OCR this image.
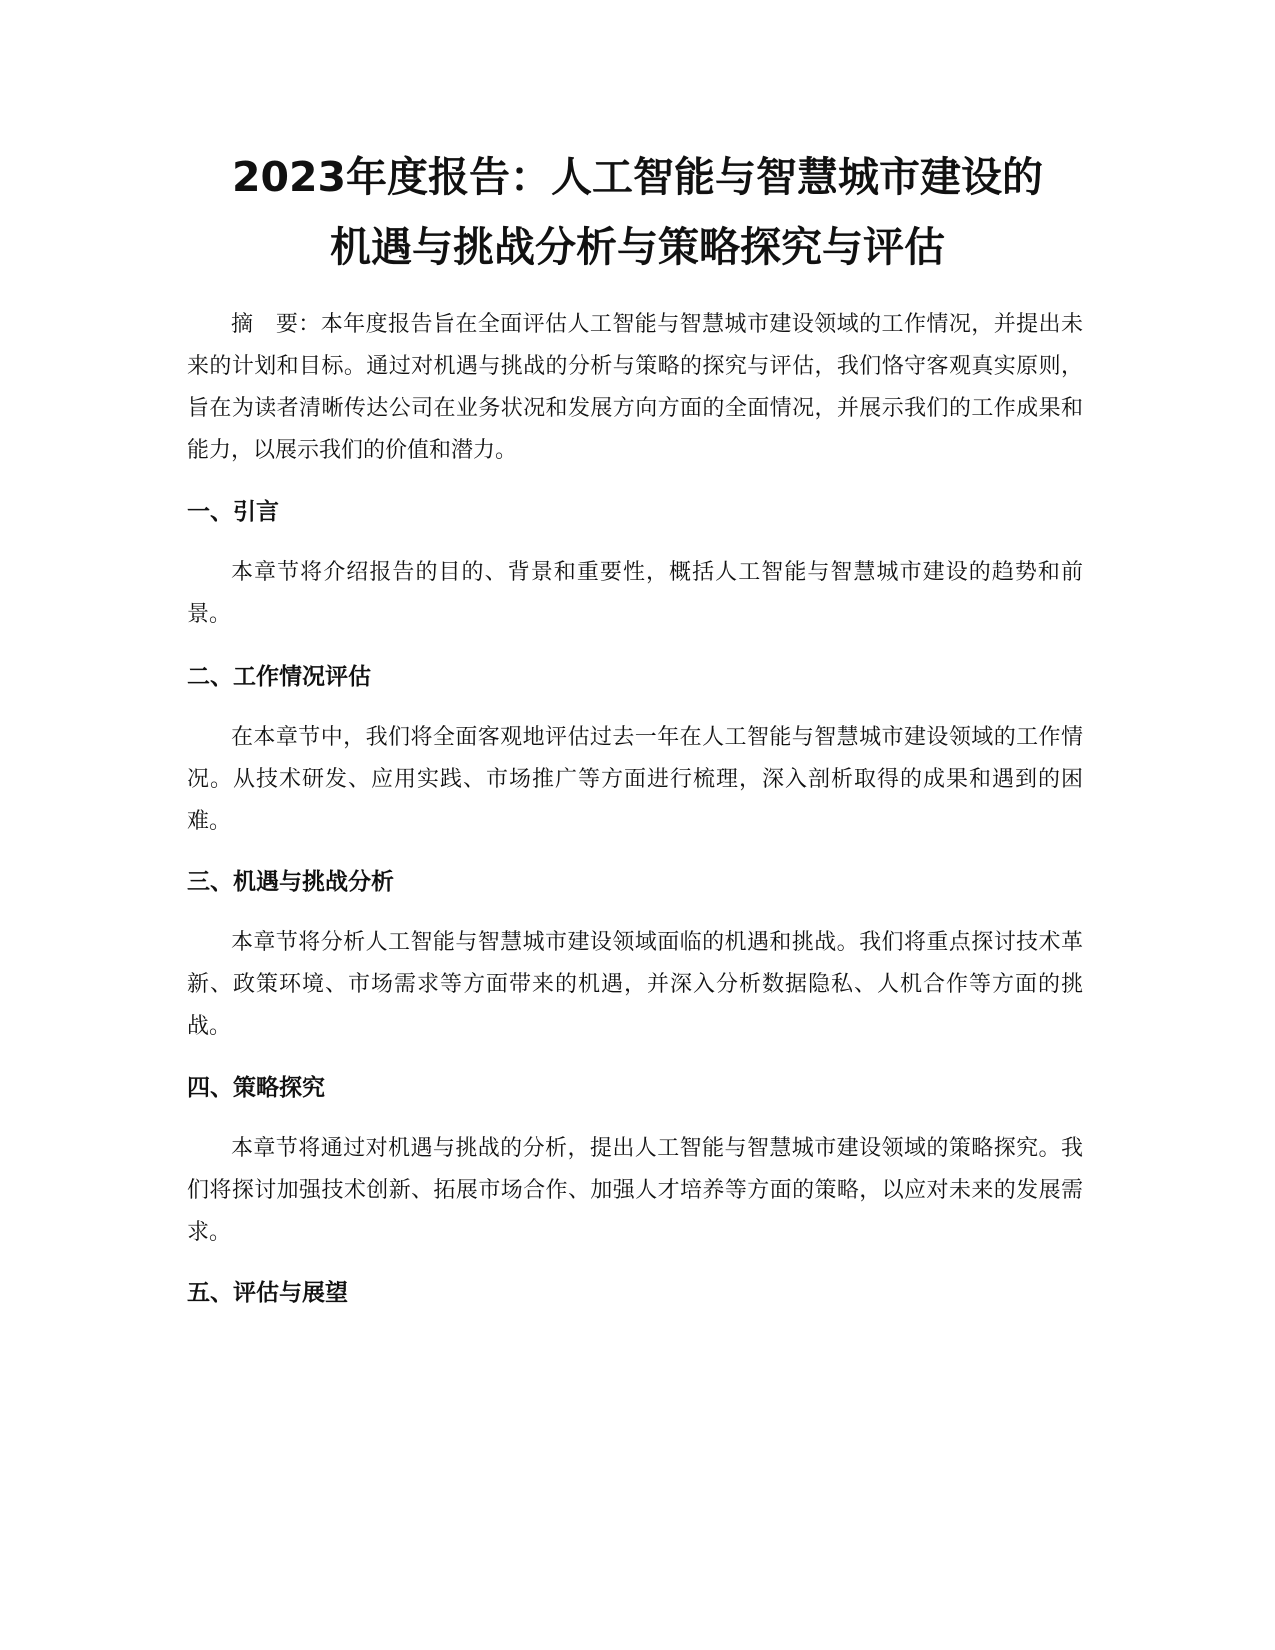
2023年度报告：人工智能与智慧城市建设的
机遇与挑战分析与策略探究与评估

摘　要：本年度报告旨在全面评估人工智能与智慧城市建设领域的工作情况，并提出未来的计划和目标。通过对机遇与挑战的分析与策略的探究与评估，我们恪守客观真实原则，旨在为读者清晰传达公司在业务状况和发展方向方面的全面情况，并展示我们的工作成果和能力，以展示我们的价值和潜力。

一、引言

本章节将介绍报告的目的、背景和重要性，概括人工智能与智慧城市建设的趋势和前景。

二、工作情况评估

在本章节中，我们将全面客观地评估过去一年在人工智能与智慧城市建设领域的工作情况。从技术研发、应用实践、市场推广等方面进行梳理，深入剖析取得的成果和遇到的困难。

三、机遇与挑战分析

本章节将分析人工智能与智慧城市建设领域面临的机遇和挑战。我们将重点探讨技术革新、政策环境、市场需求等方面带来的机遇，并深入分析数据隐私、人机合作等方面的挑战。

四、策略探究

本章节将通过对机遇与挑战的分析，提出人工智能与智慧城市建设领域的策略探究。我们将探讨加强技术创新、拓展市场合作、加强人才培养等方面的策略，以应对未来的发展需求。

五、评估与展望
